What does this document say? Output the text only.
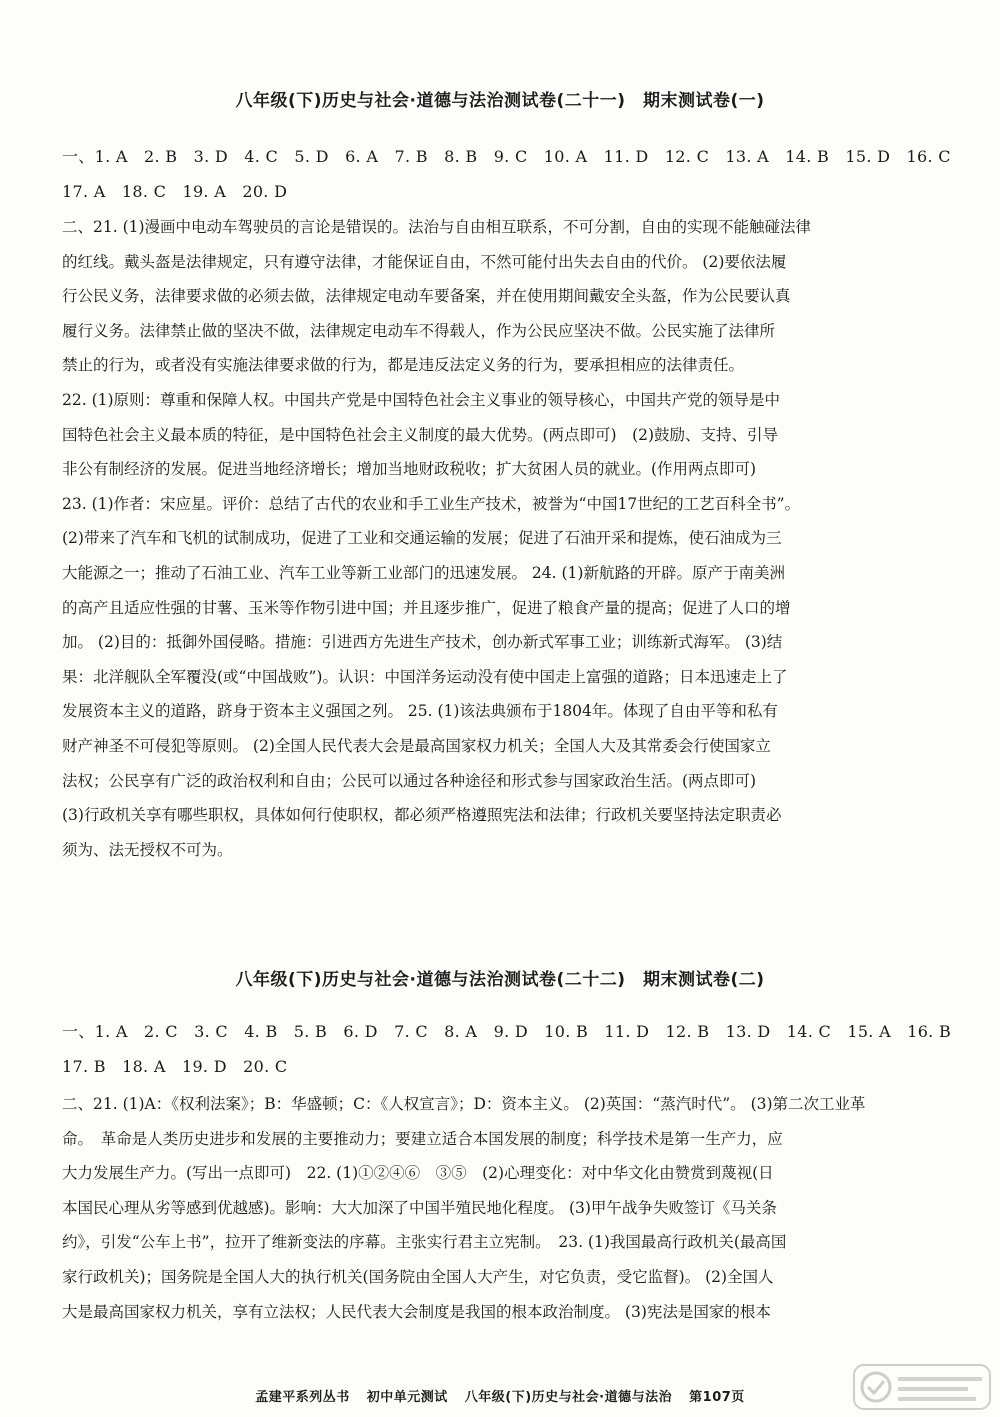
八年级(下)历史与社会·道德与法治测试卷(二十一)　期末测试卷(一)
一、1. A　2. B　3. D　4. C　5. D　6. A　7. B　8. B　9. C　10. A　11. D　12. C　13. A　14. B　15. D　16. C
17. A　18. C　19. A　20. D
二、21. (1)漫画中电动车驾驶员的言论是错误的。法治与自由相互联系，不可分割，自由的实现不能触碰法律
的红线。戴头盔是法律规定，只有遵守法律，才能保证自由，不然可能付出失去自由的代价。 (2)要依法履
行公民义务，法律要求做的必须去做，法律规定电动车要备案，并在使用期间戴安全头盔，作为公民要认真
履行义务。法律禁止做的坚决不做，法律规定电动车不得载人，作为公民应坚决不做。公民实施了法律所
禁止的行为，或者没有实施法律要求做的行为，都是违反法定义务的行为，要承担相应的法律责任。
22. (1)原则：尊重和保障人权。中国共产党是中国特色社会主义事业的领导核心，中国共产党的领导是中
国特色社会主义最本质的特征，是中国特色社会主义制度的最大优势。(两点即可)　(2)鼓励、支持、引导
非公有制经济的发展。促进当地经济增长；增加当地财政税收；扩大贫困人员的就业。(作用两点即可)
23. (1)作者：宋应星。评价：总结了古代的农业和手工业生产技术，被誉为“中国17世纪的工艺百科全书”。
(2)带来了汽车和飞机的试制成功，促进了工业和交通运输的发展；促进了石油开采和提炼，使石油成为三
大能源之一；推动了石油工业、汽车工业等新工业部门的迅速发展。 24. (1)新航路的开辟。原产于南美洲
的高产且适应性强的甘薯、玉米等作物引进中国；并且逐步推广，促进了粮食产量的提高；促进了人口的增
加。 (2)目的：抵御外国侵略。措施：引进西方先进生产技术，创办新式军事工业；训练新式海军。 (3)结
果：北洋舰队全军覆没(或“中国战败”)。认识：中国洋务运动没有使中国走上富强的道路；日本迅速走上了
发展资本主义的道路，跻身于资本主义强国之列。 25. (1)该法典颁布于1804年。体现了自由平等和私有
财产神圣不可侵犯等原则。 (2)全国人民代表大会是最高国家权力机关；全国人大及其常委会行使国家立
法权；公民享有广泛的政治权利和自由；公民可以通过各种途径和形式参与国家政治生活。(两点即可)
(3)行政机关享有哪些职权，具体如何行使职权，都必须严格遵照宪法和法律；行政机关要坚持法定职责必
须为、法无授权不可为。
八年级(下)历史与社会·道德与法治测试卷(二十二)　期末测试卷(二)
一、1. A　2. C　3. C　4. B　5. B　6. D　7. C　8. A　9. D　10. B　11. D　12. B　13. D　14. C　15. A　16. B
17. B　18. A　19. D　20. C
二、21. (1)A：《权利法案》；B：华盛顿；C：《人权宣言》；D：资本主义。 (2)英国：“蒸汽时代”。 (3)第二次工业革
命。　革命是人类历史进步和发展的主要推动力；要建立适合本国发展的制度；科学技术是第一生产力，应
大力发展生产力。(写出一点即可)　22. (1)①②④⑥　③⑤　(2)心理变化：对中华文化由赞赏到蔑视(日
本国民心理从劣等感到优越感)。影响：大大加深了中国半殖民地化程度。 (3)甲午战争失败签订《马关条
约》，引发“公车上书”，拉开了维新变法的序幕。主张实行君主立宪制。　23. (1)我国最高行政机关(最高国
家行政机关)；国务院是全国人大的执行机关(国务院由全国人大产生，对它负责，受它监督)。 (2)全国人
大是最高国家权力机关，享有立法权；人民代表大会制度是我国的根本政治制度。 (3)宪法是国家的根本
孟建平系列丛书 初中单元测试 八年级(下)历史与社会·道德与法治 第107页
